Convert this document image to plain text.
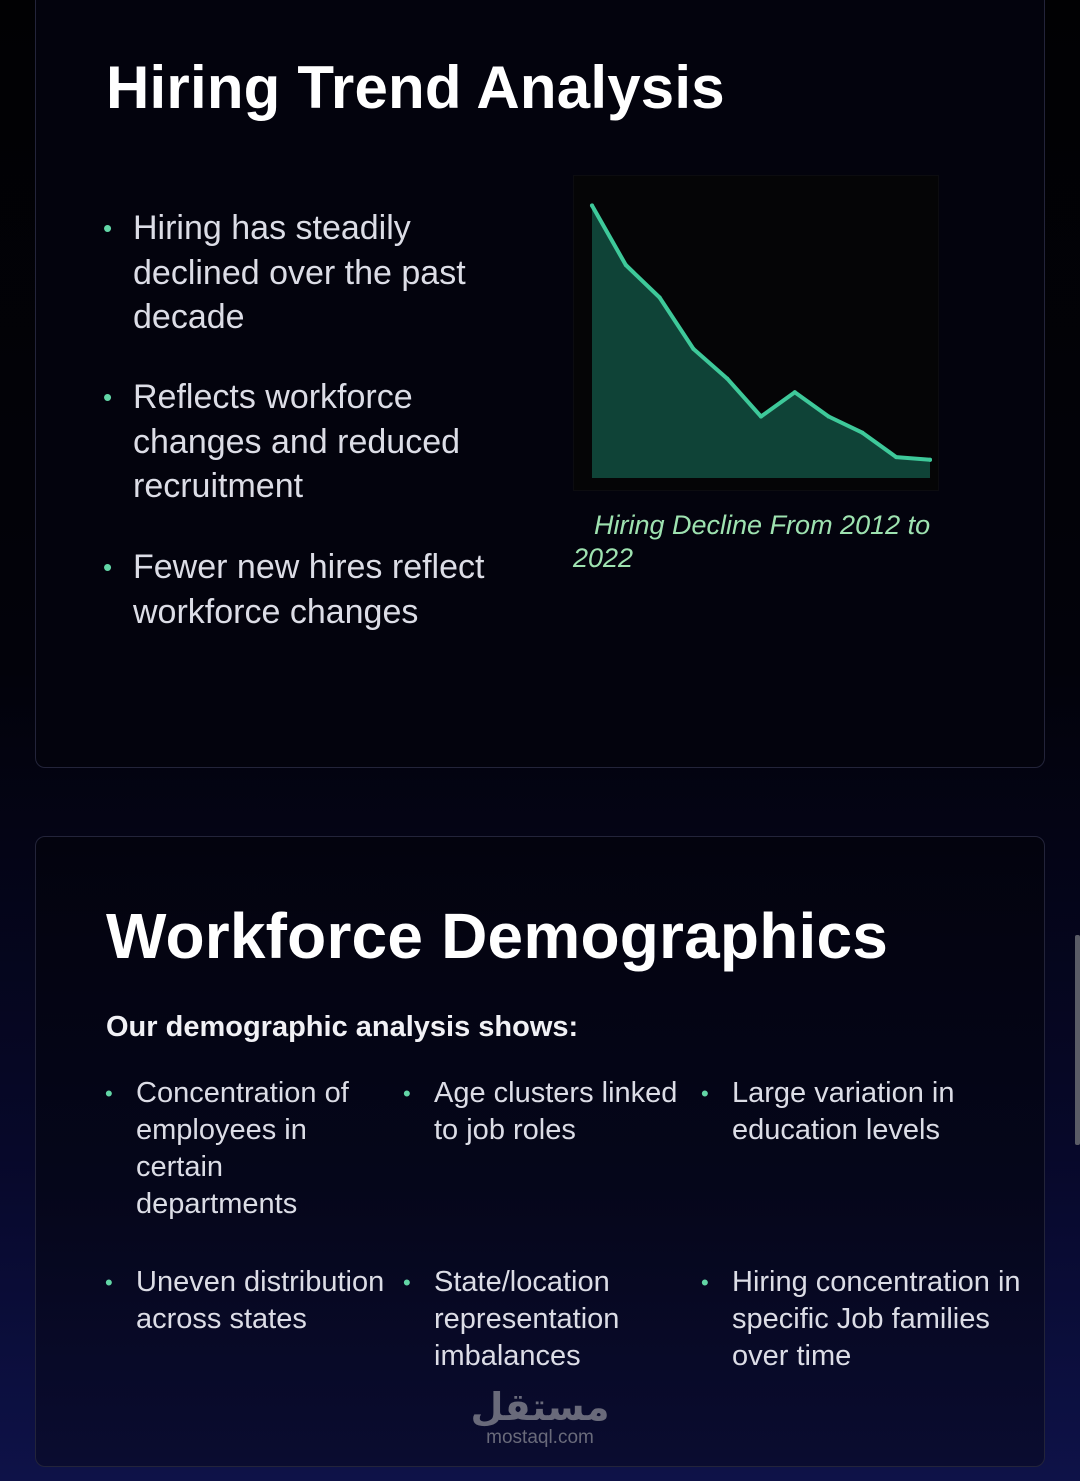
Hiring Trend Analysis
• Hiring has steadily declined over the past decade
• Reflects workforce changes and reduced recruitment
• Fewer new hires reflect workforce changes

Hiring Decline From 2012 to 2022

Workforce Demographics

Our demographic analysis shows:

• Concentration of employees in certain departments
• Age clusters linked to job roles
• Large variation in education levels
• Uneven distribution across states
• State/location representation imbalances
• Hiring concentration in specific Job families over time
مستقل
mostaql.com
